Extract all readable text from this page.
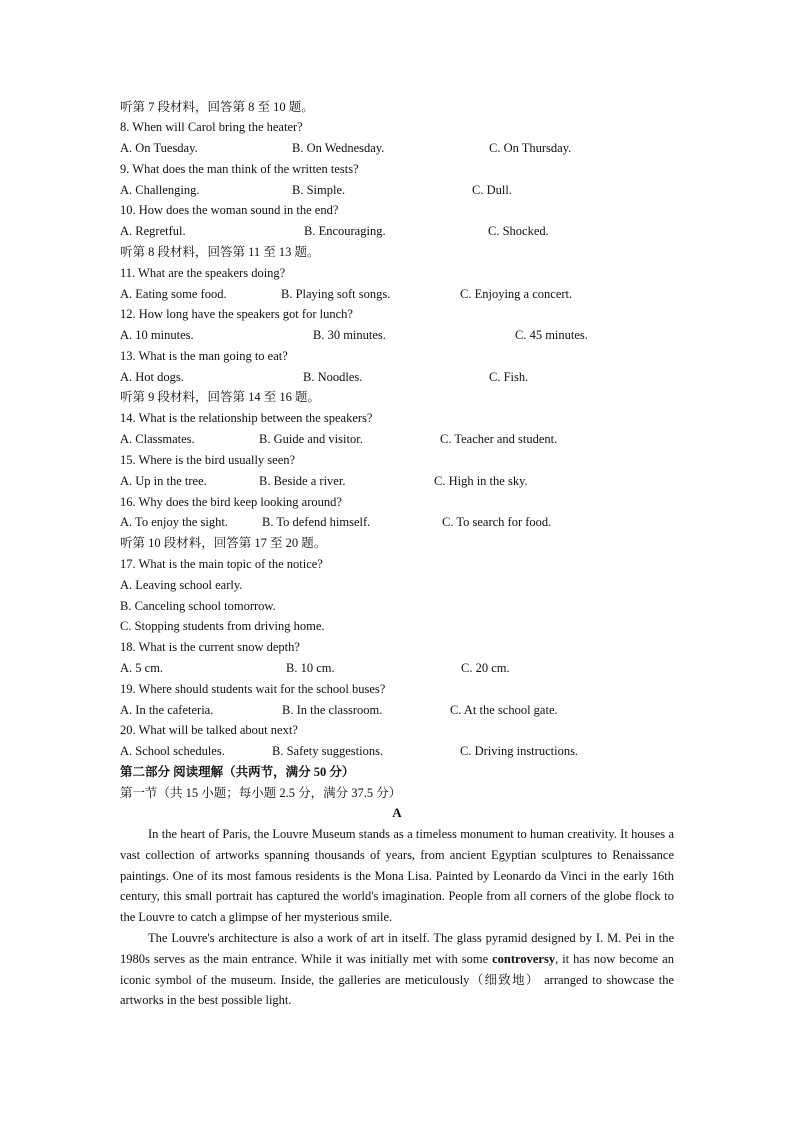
听第 7 段材料，回答第 8 至 10 题。
8. When will Carol bring the heater?
A. On Tuesday.	B. On Wednesday.	C. On Thursday.
9. What does the man think of the written tests?
A. Challenging.	B. Simple.	C. Dull.
10. How does the woman sound in the end?
A. Regretful.	B. Encouraging.	C. Shocked.
听第 8 段材料，回答第 11 至 13 题。
11. What are the speakers doing?
A. Eating some food.	B. Playing soft songs.	C. Enjoying a concert.
12. How long have the speakers got for lunch?
A. 10 minutes.	B. 30 minutes.	C. 45 minutes.
13. What is the man going to eat?
A. Hot dogs.	B. Noodles.	C. Fish.
听第 9 段材料，回答第 14 至 16 题。
14. What is the relationship between the speakers?
A. Classmates.	B. Guide and visitor.	C. Teacher and student.
15. Where is the bird usually seen?
A. Up in the tree.	B. Beside a river.	C. High in the sky.
16. Why does the bird keep looking around?
A. To enjoy the sight.	B. To defend himself.	C. To search for food.
听第 10 段材料，回答第 17 至 20 题。
17. What is the main topic of the notice?
A. Leaving school early.
B. Canceling school tomorrow.
C. Stopping students from driving home.
18. What is the current snow depth?
A. 5 cm.	B. 10 cm.	C. 20 cm.
19. Where should students wait for the school buses?
A. In the cafeteria.	B. In the classroom.	C. At the school gate.
20. What will be talked about next?
A. School schedules.	B. Safety suggestions.	C. Driving instructions.
第二部分 阅读理解（共两节，满分 50 分）
第一节（共 15 小题；每小题 2.5 分，满分 37.5 分）
A

In the heart of Paris, the Louvre Museum stands as a timeless monument to human creativity. It houses a vast collection of artworks spanning thousands of years, from ancient Egyptian sculptures to Renaissance paintings. One of its most famous residents is the Mona Lisa. Painted by Leonardo da Vinci in the early 16th century, this small portrait has captured the world's imagination. People from all corners of the globe flock to the Louvre to catch a glimpse of her mysterious smile.

The Louvre's architecture is also a work of art in itself. The glass pyramid designed by I. M. Pei in the 1980s serves as the main entrance. While it was initially met with some controversy, it has now become an iconic symbol of the museum. Inside, the galleries are meticulously（细致地） arranged to showcase the artworks in the best possible light.
